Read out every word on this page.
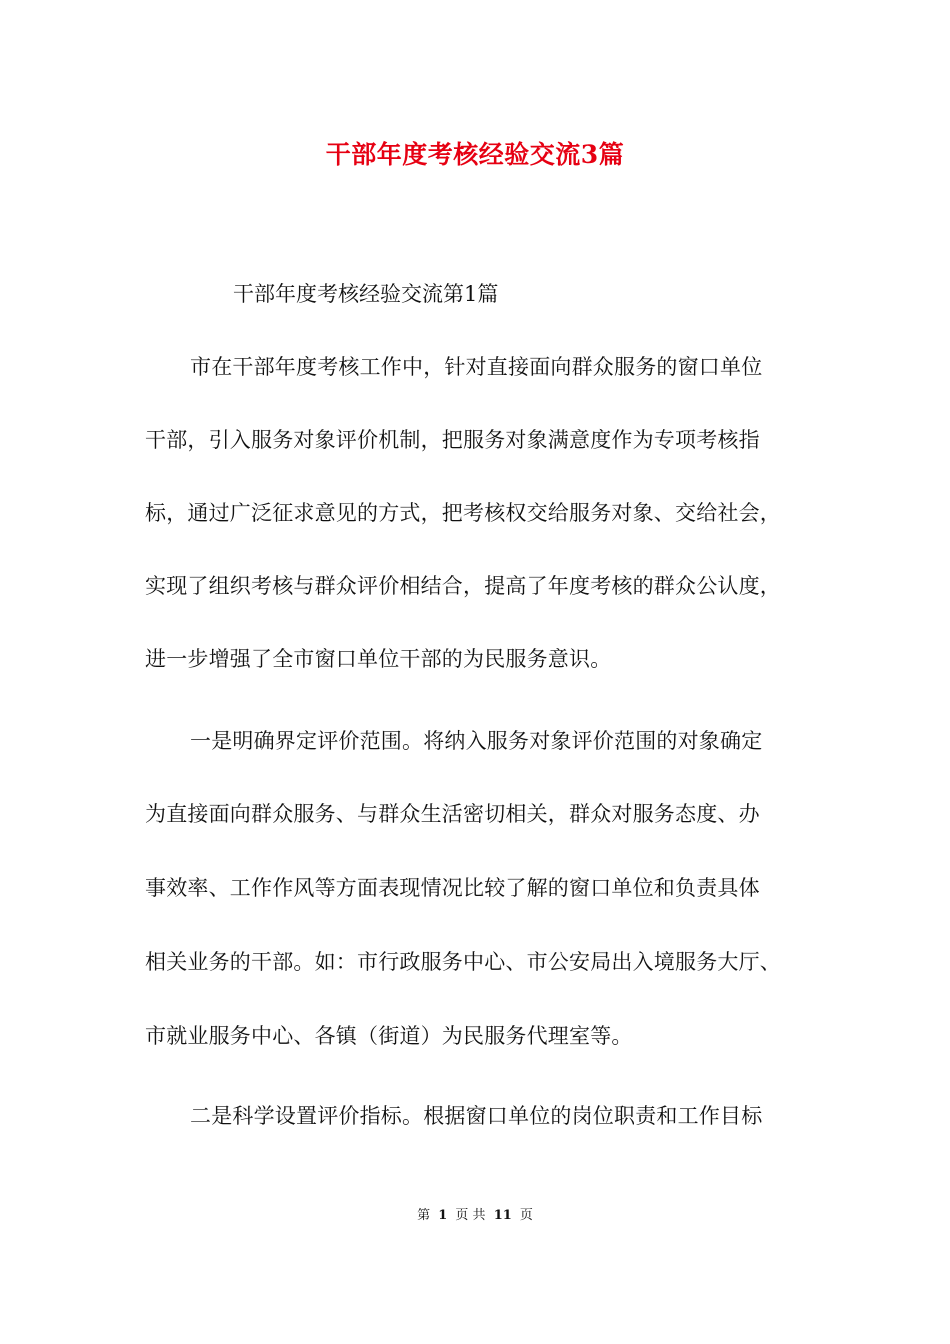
干部年度考核经验交流3篇
干部年度考核经验交流第1篇
市在干部年度考核工作中，针对直接面向群众服务的窗口单位
干部，引入服务对象评价机制，把服务对象满意度作为专项考核指
标，通过广泛征求意见的方式，把考核权交给服务对象、交给社会，
实现了组织考核与群众评价相结合，提高了年度考核的群众公认度，
进一步增强了全市窗口单位干部的为民服务意识。
一是明确界定评价范围。将纳入服务对象评价范围的对象确定
为直接面向群众服务、与群众生活密切相关，群众对服务态度、办
事效率、工作作风等方面表现情况比较了解的窗口单位和负责具体
相关业务的干部。如：市行政服务中心、市公安局出入境服务大厅、
市就业服务中心、各镇（街道）为民服务代理室等。
二是科学设置评价指标。根据窗口单位的岗位职责和工作目标
第 1 页 共 11 页
